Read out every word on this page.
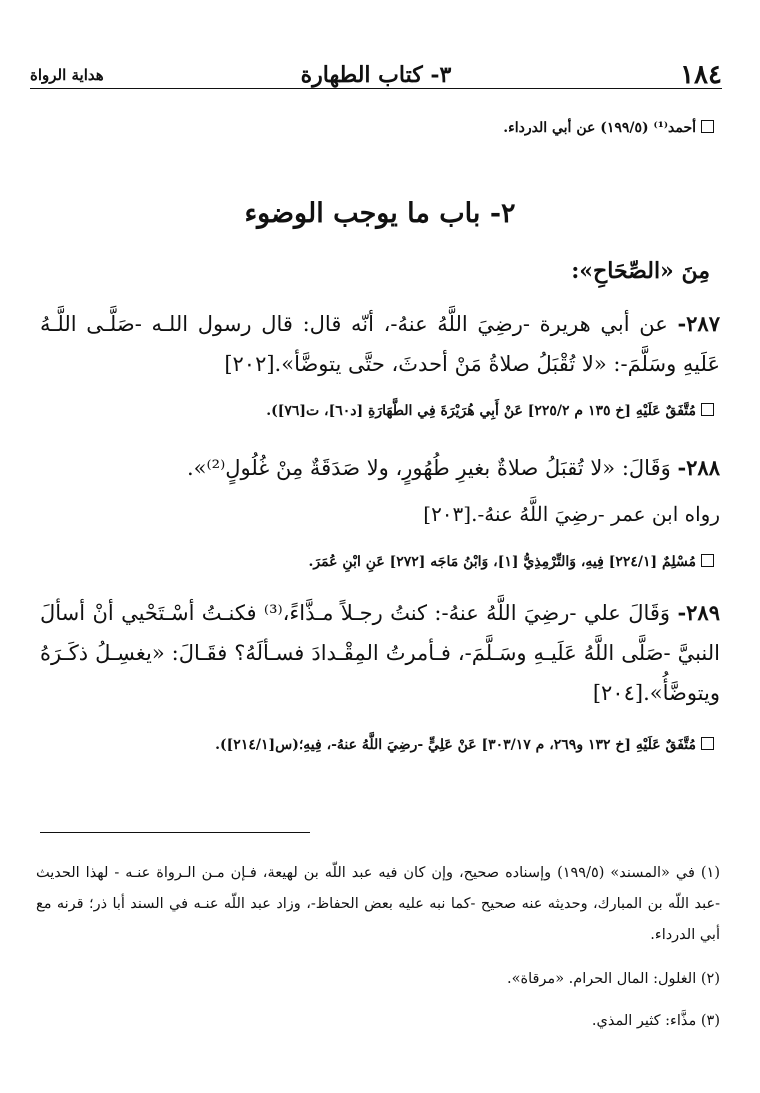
١٨٤
٣- كتاب الطهارة
هداية الرواة
أحمد⁽¹⁾ (١٩٩/٥) عن أبي الدرداء.
٢- باب ما يوجب الوضوء
مِنَ «الصِّحَاحِ»:
٢٨٧- عن أبي هريرة -رضِيَ اللَّهُ عنهُ-، أنّه قال: قال رسول اللـه -صَلَّـى اللَّـهُ عَلَيهِ وسَلَّمَ-: «لا تُقْبَلُ صلاةُ مَنْ أحدثَ، حتَّى يتوضَّأ».[٢٠٢]
مُتَّفَقٌ عَلَيْهِ [خ ١٣٥ م ٢٢٥/٢] عَنْ أَبِي هُرَيْرَةَ فِي الطَّهَارَةِ [د٦٠]، ت[٧٦]).
٢٨٨- وَقَالَ: «لا تُقبَلُ صلاةٌ بغيرِ طُهُورٍ، ولا صَدَقَةٌ مِنْ غُلُولٍ⁽²⁾».
رواه ابن عمر -رضِيَ اللَّهُ عنهُ-.[٢٠٣]
مُسْلِمٌ [٢٢٤/١] فِيهِ، وَالتِّرْمِذِيُّ [١]، وَابْنُ مَاجَه [٢٧٢] عَنِ ابْنِ عُمَرَ.
٢٨٩- وَقَالَ علي -رضِيَ اللَّهُ عنهُ-: كنتُ رجـلاً مـذَّاءً،⁽³⁾ فكنـتُ أسْـتَحْيي أنْ أسألَ النبيَّ -صَلَّى اللَّهُ عَلَيـهِ وسَـلَّمَ-، فـأمرتُ المِقْـدادَ فسـألَهُ؟ فقَـالَ: «يغسِـلُ ذكَـرَهُ ويتوضَّأُ».[٢٠٤]
مُتَّفَقٌ عَلَيْهِ [خ ١٣٢ و٢٦٩، م ٣٠٣/١٧] عَنْ عَلِيٍّ -رضِيَ اللَّهُ عنهُ-، فِيهِ؛(س[٢١٤/١]).
(١) في «المسند» (١٩٩/٥) وإسناده صحيح، وإن كان فيه عبد اللّه بن لهيعة، فـإن مـن الـرواة عنـه - لهذا الحديث -عبد اللّه بن المبارك، وحديثه عنه صحيح -كما نبه عليه بعض الحفاظ-، وزاد عبد اللّه عنـه في السند أبا ذر؛ قرنه مع أبي الدرداء.
(٢) الغلول: المال الحرام. «مرقاة».
(٣) مذَّاء: كثير المذي.
